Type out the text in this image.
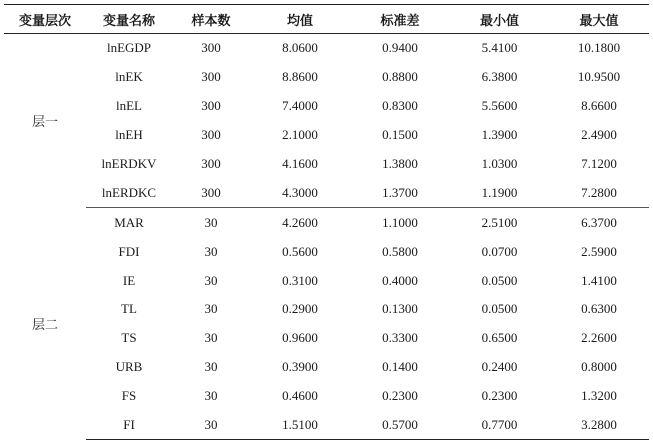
变量层次	变量名称	样本数	均值	标准差	最小值	最大值
层一	lnEGDP	300	8.0600	0.9400	5.4100	10.1800
	lnEK	300	8.8600	0.8800	6.3800	10.9500
	lnEL	300	7.4000	0.8300	5.5600	8.6600
	lnEH	300	2.1000	0.1500	1.3900	2.4900
	lnERDKV	300	4.1600	1.3800	1.0300	7.1200
	lnERDKC	300	4.3000	1.3700	1.1900	7.2800
层二	MAR	30	4.2600	1.1000	2.5100	6.3700
	FDI	30	0.5600	0.5800	0.0700	2.5900
	IE	30	0.3100	0.4000	0.0500	1.4100
	TL	30	0.2900	0.1300	0.0500	0.6300
	TS	30	0.9600	0.3300	0.6500	2.2600
	URB	30	0.3900	0.1400	0.2400	0.8000
	FS	30	0.4600	0.2300	0.2300	1.3200
	FI	30	1.5100	0.5700	0.7700	3.2800
